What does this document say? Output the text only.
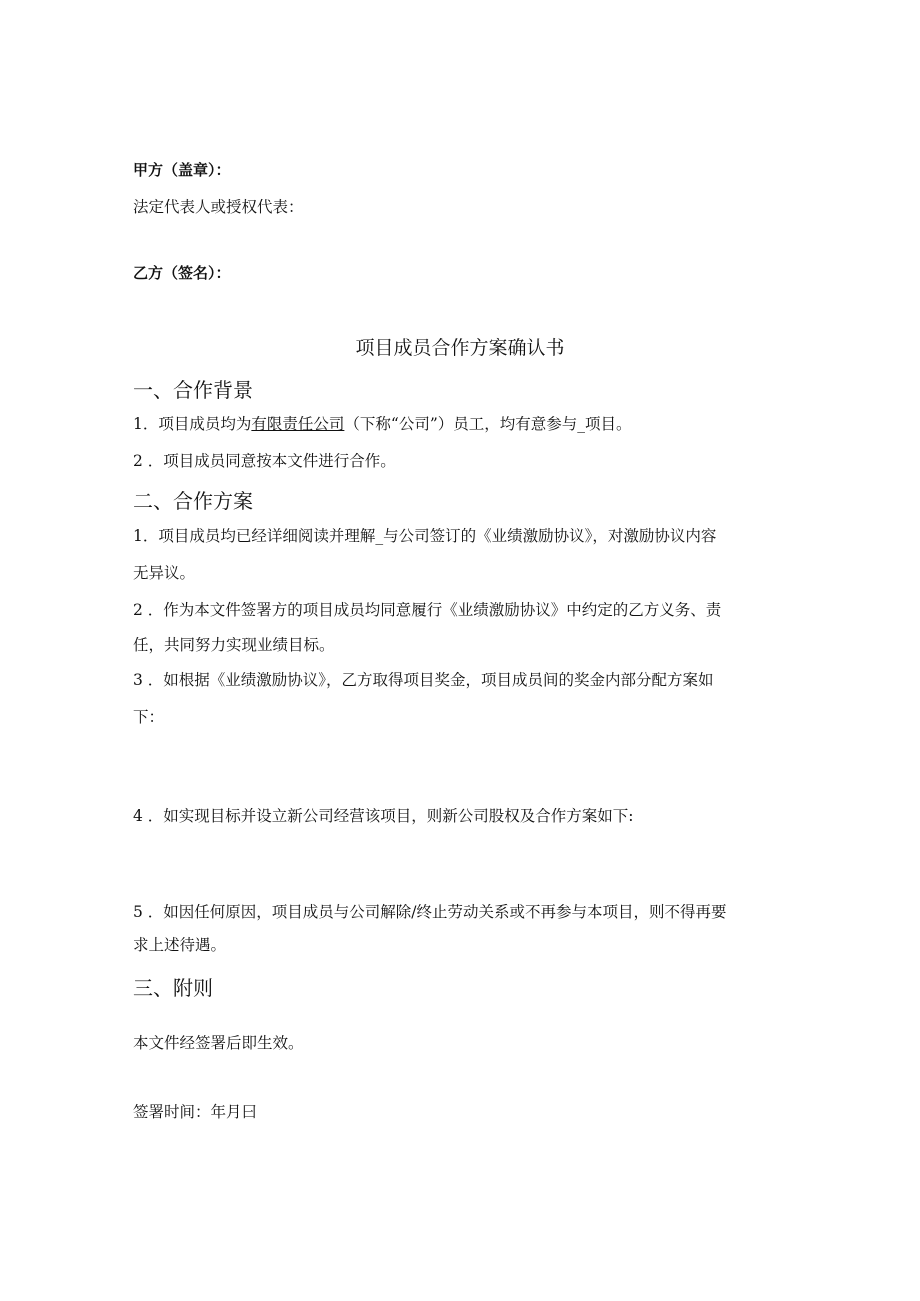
甲方（盖章）：
法定代表人或授权代表：
乙方（签名）：
项目成员合作方案确认书
一、合作背景
1．项目成员均为有限责任公司（下称“公司”）员工，均有意参与_项目。
2 ．项目成员同意按本文件进行合作。
二、合作方案
1．项目成员均已经详细阅读并理解_与公司签订的《业绩激励协议》，对激励协议内容
无异议。
2 ．作为本文件签署方的项目成员均同意履行《业绩激励协议》中约定的乙方义务、责
任，共同努力实现业绩目标。
3 ．如根据《业绩激励协议》，乙方取得项目奖金，项目成员间的奖金内部分配方案如
下：
4 ．如实现目标并设立新公司经营该项目，则新公司股权及合作方案如下:
5 ．如因任何原因，项目成员与公司解除/终止劳动关系或不再参与本项目，则不得再要
求上述待遇。
三、附则
本文件经签署后即生效。
签署时间：年月曰
